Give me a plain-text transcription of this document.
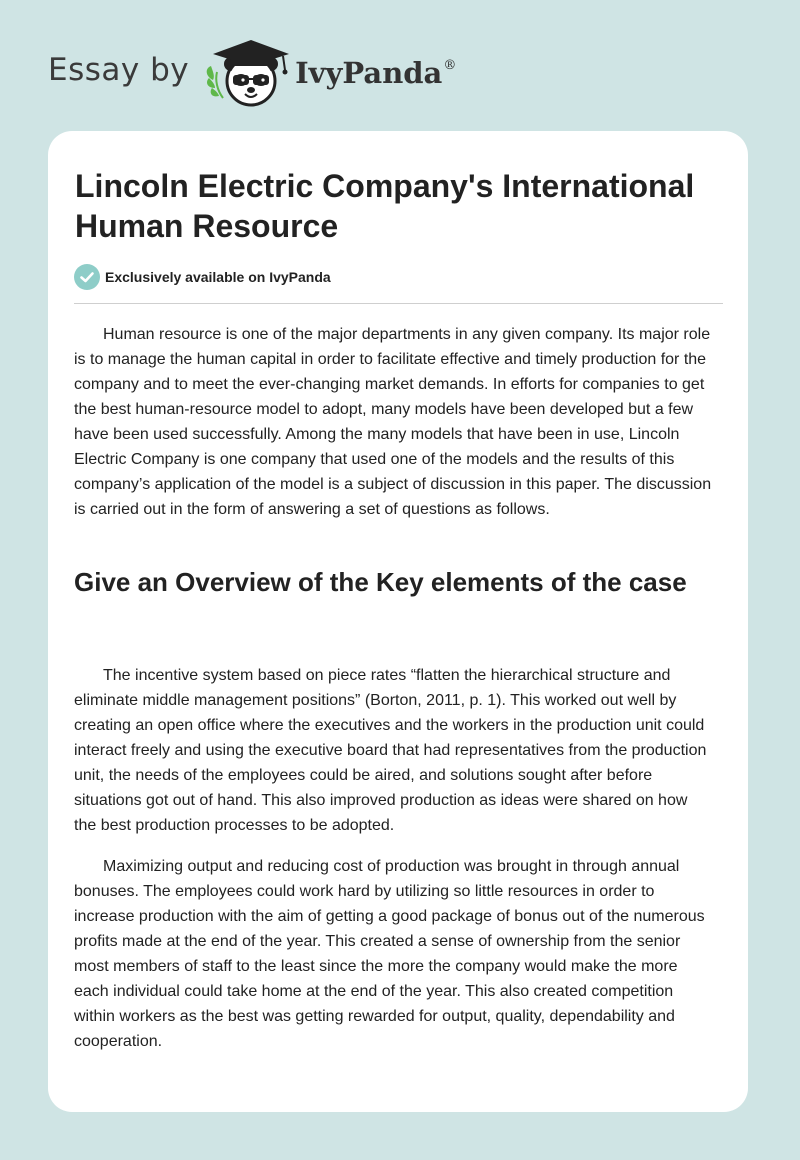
Essay by	IvyPanda®
Lincoln Electric Company's International Human Resource
Exclusively available on IvyPanda

Human resource is one of the major departments in any given company. Its major role is to manage the human capital in order to facilitate effective and timely production for the company and to meet the ever-changing market demands. In efforts for companies to get the best human-resource model to adopt, many models have been developed but a few have been used successfully. Among the many models that have been in use, Lincoln Electric Company is one company that used one of the models and the results of this company’s application of the model is a subject of discussion in this paper. The discussion is carried out in the form of answering a set of questions as follows.

Give an Overview of the Key elements of the case

The incentive system based on piece rates “flatten the hierarchical structure and eliminate middle management positions” (Borton, 2011, p. 1). This worked out well by creating an open office where the executives and the workers in the production unit could interact freely and using the executive board that had representatives from the production unit, the needs of the employees could be aired, and solutions sought after before situations got out of hand. This also improved production as ideas were shared on how the best production processes to be adopted.

Maximizing output and reducing cost of production was brought in through annual bonuses. The employees could work hard by utilizing so little resources in order to increase production with the aim of getting a good package of bonus out of the numerous profits made at the end of the year. This created a sense of ownership from the senior most members of staff to the least since the more the company would make the more each individual could take home at the end of the year. This also created competition within workers as the best was getting rewarded for output, quality, dependability and cooperation.
